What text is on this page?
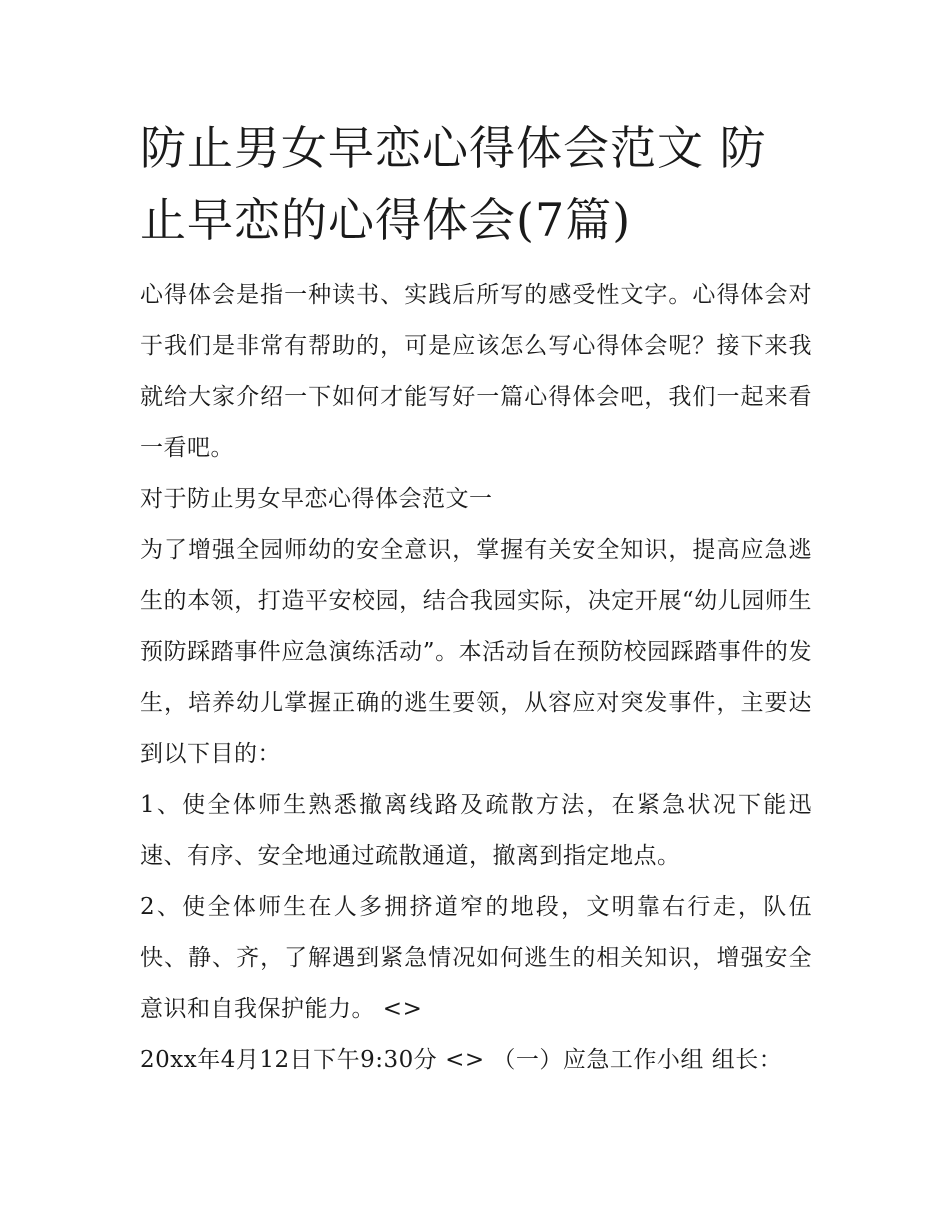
防止男女早恋心得体会范文 防止早恋的心得体会(7篇)

心得体会是指一种读书、实践后所写的感受性文字。心得体会对于我们是非常有帮助的，可是应该怎么写心得体会呢？接下来我就给大家介绍一下如何才能写好一篇心得体会吧，我们一起来看一看吧。

对于防止男女早恋心得体会范文一

为了增强全园师幼的安全意识，掌握有关安全知识，提高应急逃生的本领，打造平安校园，结合我园实际，决定开展“幼儿园师生预防踩踏事件应急演练活动”。本活动旨在预防校园踩踏事件的发生，培养幼儿掌握正确的逃生要领，从容应对突发事件，主要达到以下目的：

1、使全体师生熟悉撤离线路及疏散方法，在紧急状况下能迅速、有序、安全地通过疏散通道，撤离到指定地点。

2、使全体师生在人多拥挤道窄的地段，文明靠右行走，队伍快、静、齐，了解遇到紧急情况如何逃生的相关知识，增强安全意识和自我保护能力。 <>

20xx年4月12日下午9:30分 <> （一）应急工作小组 组长：
